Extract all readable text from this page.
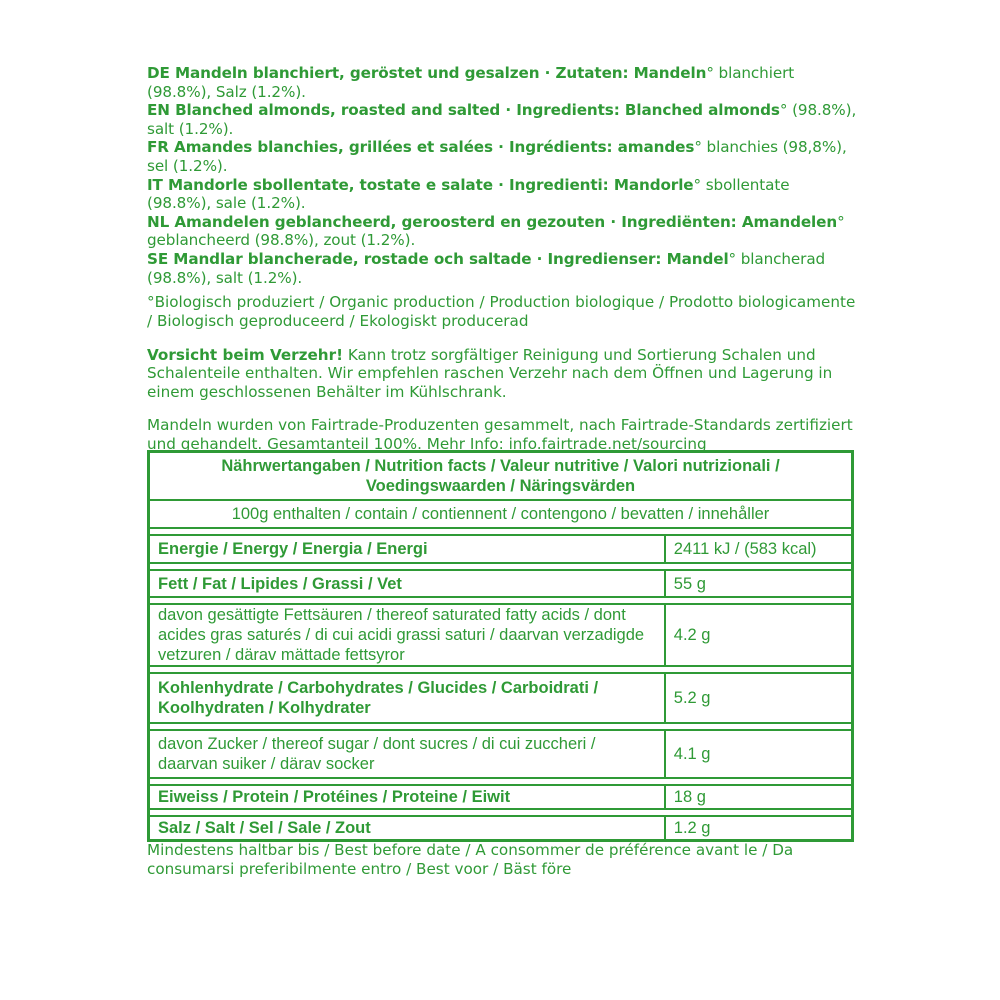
DE Mandeln blanchiert, geröstet und gesalzen · Zutaten: Mandeln° blanchiert (98.8%), Salz (1.2%).

EN Blanched almonds, roasted and salted · Ingredients: Blanched almonds° (98.8%), salt (1.2%).

FR Amandes blanchies, grillées et salées · Ingrédients: amandes° blanchies (98,8%), sel (1.2%).

IT Mandorle sbollentate, tostate e salate · Ingredienti: Mandorle° sbollentate (98.8%), sale (1.2%).

NL Amandelen geblancheerd, geroosterd en gezouten · Ingrediënten: Amandelen° geblancheerd (98.8%), zout (1.2%).

SE Mandlar blancherade, rostade och saltade · Ingredienser: Mandel° blancherad (98.8%), salt (1.2%).

°Biologisch produziert / Organic production / Production biologique / Prodotto biologicamente / Biologisch geproduceerd / Ekologiskt producerad

Vorsicht beim Verzehr! Kann trotz sorgfältiger Reinigung und Sortierung Schalen und Schalenteile enthalten. Wir empfehlen raschen Verzehr nach dem Öffnen und Lagerung in einem geschlossenen Behälter im Kühlschrank.

Mandeln wurden von Fairtrade-Produzenten gesammelt, nach Fairtrade-Standards zertifiziert und gehandelt. Gesamtanteil 100%. Mehr Info: info.fairtrade.net/sourcing

Nährwertangaben / Nutrition facts / Valeur nutritive / Valori nutrizionali / Voedingswaarden / Näringsvärden	
100g enthalten / contain / contiennent / contengono / bevatten / innehåller	

Energie / Energy / Energia / Energi	2411 kJ / (583 kcal)

Fett / Fat / Lipides / Grassi / Vet	55 g

davon gesättigte Fettsäuren / thereof saturated fatty acids / dont acides gras saturés / di cui acidi grassi saturi / daarvan verzadigde vetzuren / därav mättade fettsyror	4.2 g

Kohlenhydrate / Carbohydrates / Glucides / Carboidrati / Koolhydraten / Kolhydrater	5.2 g

davon Zucker / thereof sugar / dont sucres / di cui zuccheri / daarvan suiker / därav socker	4.1 g

Eiweiss / Protein / Protéines / Proteine / Eiwit	18 g

Salz / Salt / Sel / Sale / Zout	1.2 g

Mindestens haltbar bis / Best before date / A consommer de préférence avant le / Da consumarsi preferibilmente entro / Best voor / Bäst före
